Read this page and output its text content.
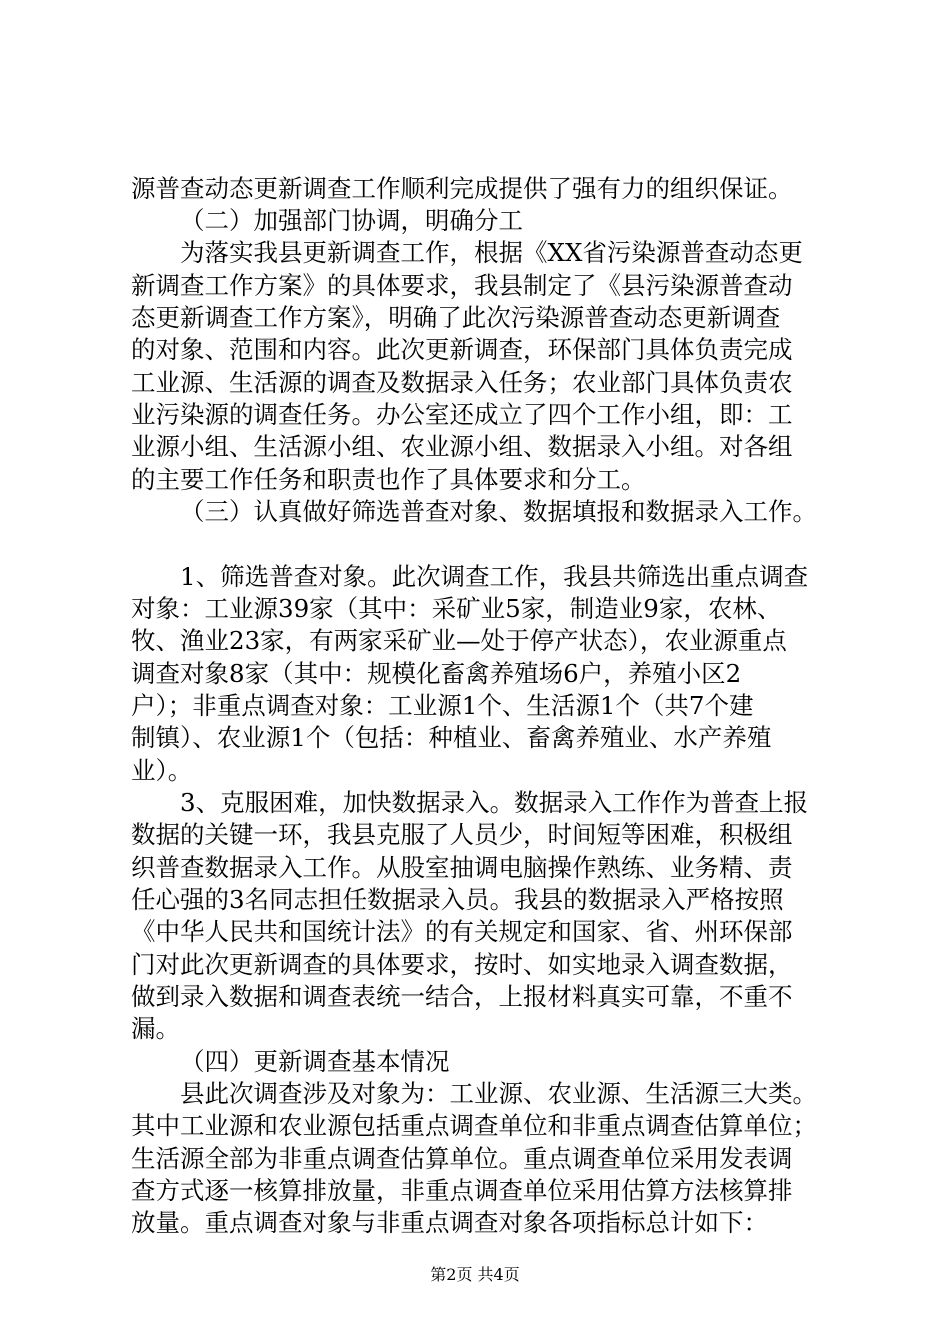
源普查动态更新调查工作顺利完成提供了强有力的组织保证。
（二）加强部门协调，明确分工
为落实我县更新调查工作，根据《XX省污染源普查动态更
新调查工作方案》的具体要求，我县制定了《县污染源普查动
态更新调查工作方案》，明确了此次污染源普查动态更新调查
的对象、范围和内容。此次更新调查，环保部门具体负责完成
工业源、生活源的调查及数据录入任务；农业部门具体负责农
业污染源的调查任务。办公室还成立了四个工作小组，即：工
业源小组、生活源小组、农业源小组、数据录入小组。对各组
的主要工作任务和职责也作了具体要求和分工。
（三）认真做好筛选普查对象、数据填报和数据录入工作。
1、筛选普查对象。此次调查工作，我县共筛选出重点调查
对象：工业源39家（其中：采矿业5家，制造业9家，农林、
牧、渔业23家，有两家采矿业—处于停产状态），农业源重点
调查对象8家（其中：规模化畜禽养殖场6户，养殖小区2
户）；非重点调查对象：工业源1个、生活源1个（共7个建
制镇）、农业源1个（包括：种植业、畜禽养殖业、水产养殖
业）。
3、克服困难，加快数据录入。数据录入工作作为普查上报
数据的关键一环，我县克服了人员少，时间短等困难，积极组
织普查数据录入工作。从股室抽调电脑操作熟练、业务精、责
任心强的3名同志担任数据录入员。我县的数据录入严格按照
《中华人民共和国统计法》的有关规定和国家、省、州环保部
门对此次更新调查的具体要求，按时、如实地录入调查数据，
做到录入数据和调查表统一结合，上报材料真实可靠，不重不
漏。
（四）更新调查基本情况
县此次调查涉及对象为：工业源、农业源、生活源三大类。
其中工业源和农业源包括重点调查单位和非重点调查估算单位；
生活源全部为非重点调查估算单位。重点调查单位采用发表调
查方式逐一核算排放量，非重点调查单位采用估算方法核算排
放量。重点调查对象与非重点调查对象各项指标总计如下：
第2页 共4页
